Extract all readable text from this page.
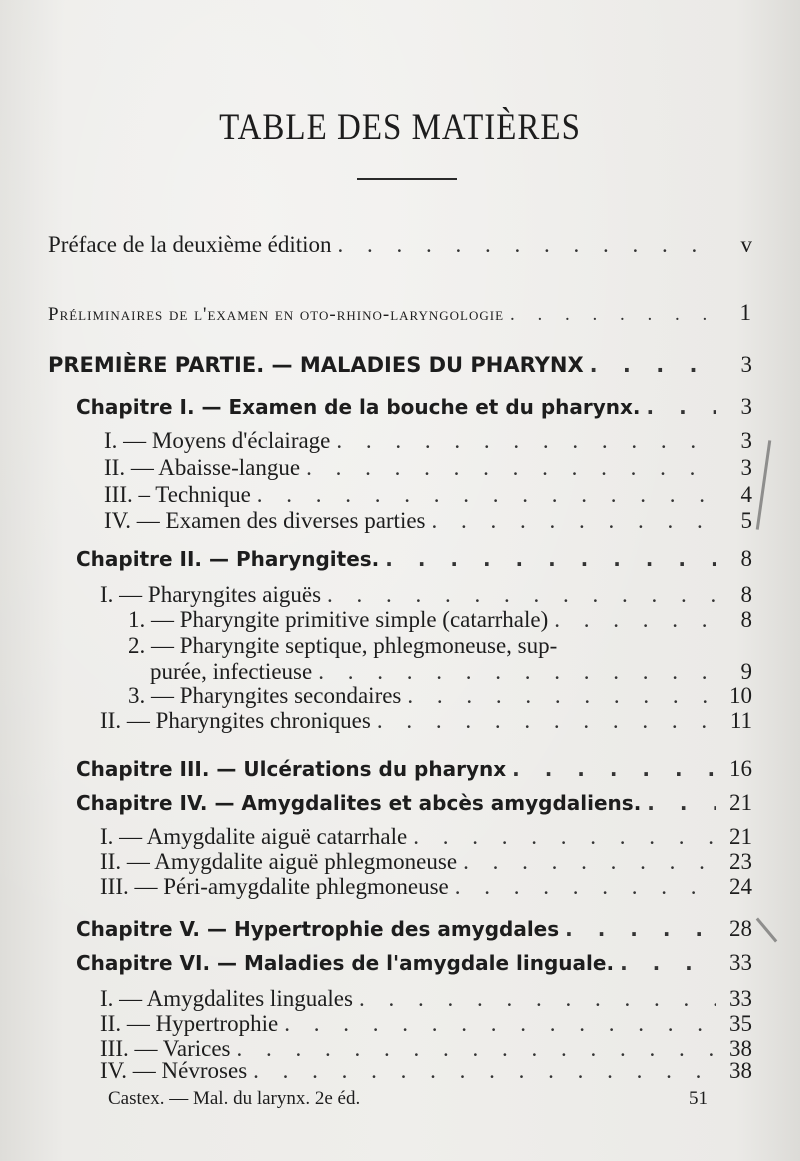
TABLE DES MATIÈRES
Préface de la deuxième édition . . .	v
Préliminaires de l'examen en oto-rhino-laryngologie . . .	1
PREMIÈRE PARTIE. — MALADIES DU PHARYNX . . .	3
Chapitre I. — Examen de la bouche et du pharynx. . . .	3
I. — Moyens d'éclairage . . .	3
II. — Abaisse-langue . . .	3
III. – Technique . . .	4
IV. — Examen des diverses parties . . .	5
Chapitre II. — Pharyngites. . . .	8
I. — Pharyngites aiguës . . .	8
1. — Pharyngite primitive simple (catarrhale) . . .	8
2. — Pharyngite septique, phlegmoneuse, sup-
purée, infectieuse . . .	9
3. — Pharyngites secondaires . . .	10
II. — Pharyngites chroniques . . .	11
Chapitre III. — Ulcérations du pharynx . . .	16
Chapitre IV. — Amygdalites et abcès amygdaliens. . . .	21
I. — Amygdalite aiguë catarrhale . . .	21
II. — Amygdalite aiguë phlegmoneuse . . .	23
III. — Péri-amygdalite phlegmoneuse . . .	24
Chapitre V. — Hypertrophie des amygdales . . .	28
Chapitre VI. — Maladies de l'amygdale linguale. . . .	33
I. — Amygdalites linguales . . .	33
II. — Hypertrophie . . .	35
III. — Varices . . .	38
IV. — Névroses . . .	38
Castex. — Mal. du larynx. 2e éd.	51
